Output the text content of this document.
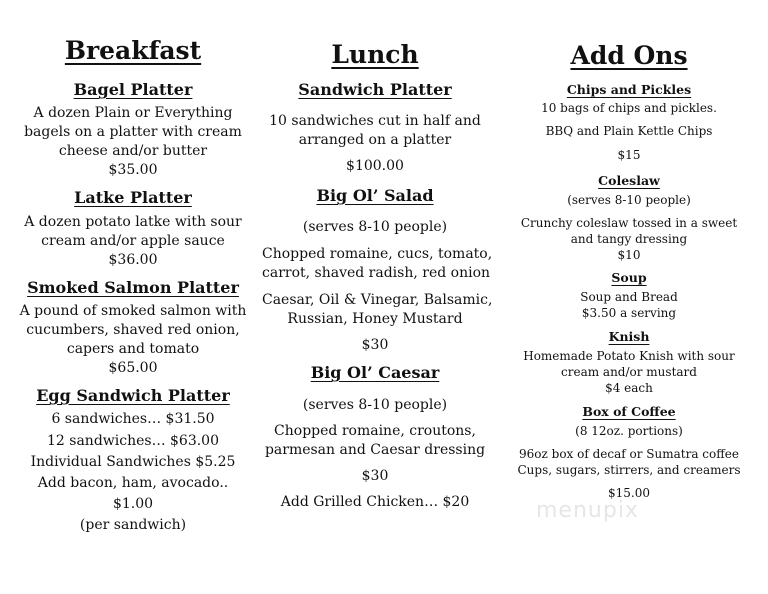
Breakfast
Bagel Platter
A dozen Plain or Everything
bagels on a platter with cream
cheese and/or butter
$35.00
Latke Platter
A dozen potato latke with sour
cream and/or apple sauce
$36.00
Smoked Salmon Platter
A pound of smoked salmon with
cucumbers, shaved red onion,
capers and tomato
$65.00
Egg Sandwich Platter
6 sandwiches… $31.50
12 sandwiches… $63.00
Individual Sandwiches $5.25
Add bacon, ham, avocado..
$1.00
(per sandwich)
Lunch
Sandwich Platter
10 sandwiches cut in half and
arranged on a platter
$100.00
Big Ol’ Salad
(serves 8-10 people)
Chopped romaine, cucs, tomato,
carrot, shaved radish, red onion
Caesar, Oil & Vinegar, Balsamic,
Russian, Honey Mustard
$30
Big Ol’ Caesar
(serves 8-10 people)
Chopped romaine, croutons,
parmesan and Caesar dressing
$30
Add Grilled Chicken… $20
Add Ons
Chips and Pickles
10 bags of chips and pickles.
BBQ and Plain Kettle Chips
$15
Coleslaw
(serves 8-10 people)
Crunchy coleslaw tossed in a sweet
and tangy dressing
$10
Soup
Soup and Bread
$3.50 a serving
Knish
Homemade Potato Knish with sour
cream and/or mustard
$4 each
Box of Coffee
(8 12oz. portions)
96oz box of decaf or Sumatra coffee
Cups, sugars, stirrers, and creamers
$15.00
menupix
